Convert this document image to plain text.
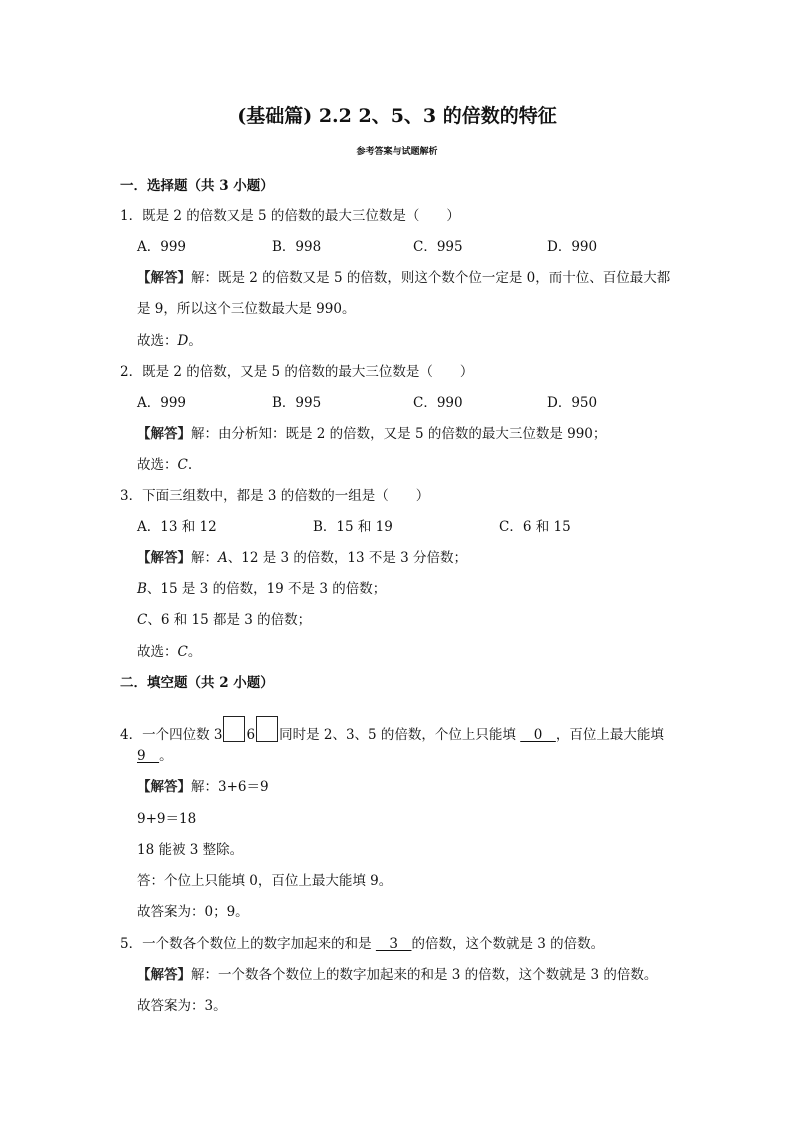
(基础篇) 2.2 2、5、3 的倍数的特征
参考答案与试题解析
一．选择题（共 3 小题）
1．既是 2 的倍数又是 5 的倍数的最大三位数是（　　）
A．999	B．998	C．995	D．990
【解答】解：既是 2 的倍数又是 5 的倍数，则这个数个位一定是 0，而十位、百位最大都
是 9，所以这个三位数最大是 990。
故选：D。
2．既是 2 的倍数，又是 5 的倍数的最大三位数是（　　）
A．999	B．995	C．990	D．950
【解答】解：由分析知：既是 2 的倍数，又是 5 的倍数的最大三位数是 990；
故选：C.
3．下面三组数中，都是 3 的倍数的一组是（　　）
A．13 和 12	B．15 和 19	C．6 和 15
【解答】解：A、12 是 3 的倍数，13 不是 3 分倍数；
B、15 是 3 的倍数，19 不是 3 的倍数；
C、6 和 15 都是 3 的倍数；
故选：C。
二．填空题（共 2 小题）
4．一个四位数 3 6 同时是 2、3、5 的倍数，个位上只能填 　0　，百位上最大能填
9　。
【解答】解：3+6＝9
9+9＝18
18 能被 3 整除。
答：个位上只能填 0，百位上最大能填 9。
故答案为：0；9。
5．一个数各个数位上的数字加起来的和是 　3　的倍数，这个数就是 3 的倍数。
【解答】解：一个数各个数位上的数字加起来的和是 3 的倍数，这个数就是 3 的倍数。
故答案为：3。
